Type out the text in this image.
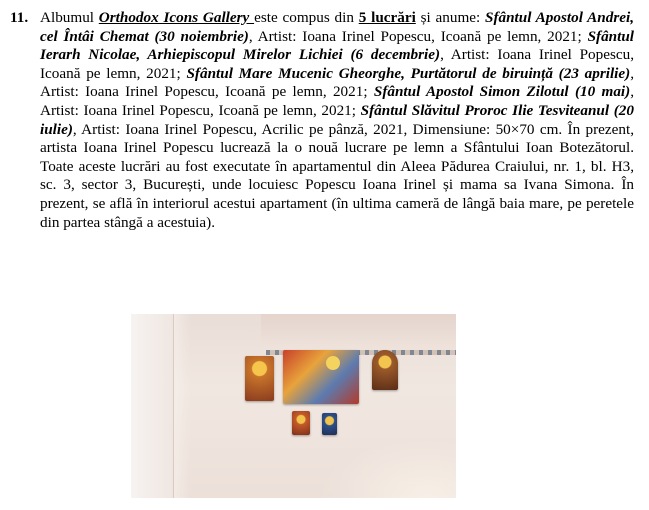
11. Albumul Orthodox Icons Gallery este compus din 5 lucrări și anume: Sfântul Apostol Andrei, cel Întâi Chemat (30 noiembrie), Artist: Ioana Irinel Popescu, Icoană pe lemn, 2021; Sfântul Ierarh Nicolae, Arhiepiscopul Mirelor Lichiei (6 decembrie), Artist: Ioana Irinel Popescu, Icoană pe lemn, 2021; Sfântul Mare Mucenic Gheorghe, Purtătorul de biruință (23 aprilie), Artist: Ioana Irinel Popescu, Icoană pe lemn, 2021; Sfântul Apostol Simon Zilotul (10 mai), Artist: Ioana Irinel Popescu, Icoană pe lemn, 2021; Sfântul Slăvitul Proroc Ilie Tesviteanul (20 iulie), Artist: Ioana Irinel Popescu, Acrilic pe pânză, 2021, Dimensiune: 50×70 cm. În prezent, artista Ioana Irinel Popescu lucrează la o nouă lucrare pe lemn a Sfântului Ioan Botezătorul. Toate aceste lucrări au fost executate în apartamentul din Aleea Pădurea Craiului, nr. 1, bl. H3, sc. 3, sector 3, București, unde locuiesc Popescu Ioana Irinel și mama sa Ivana Simona. În prezent, se află în interiorul acestui apartament (în ultima cameră de lângă baia mare, pe peretele din partea stângă a acestuia).
